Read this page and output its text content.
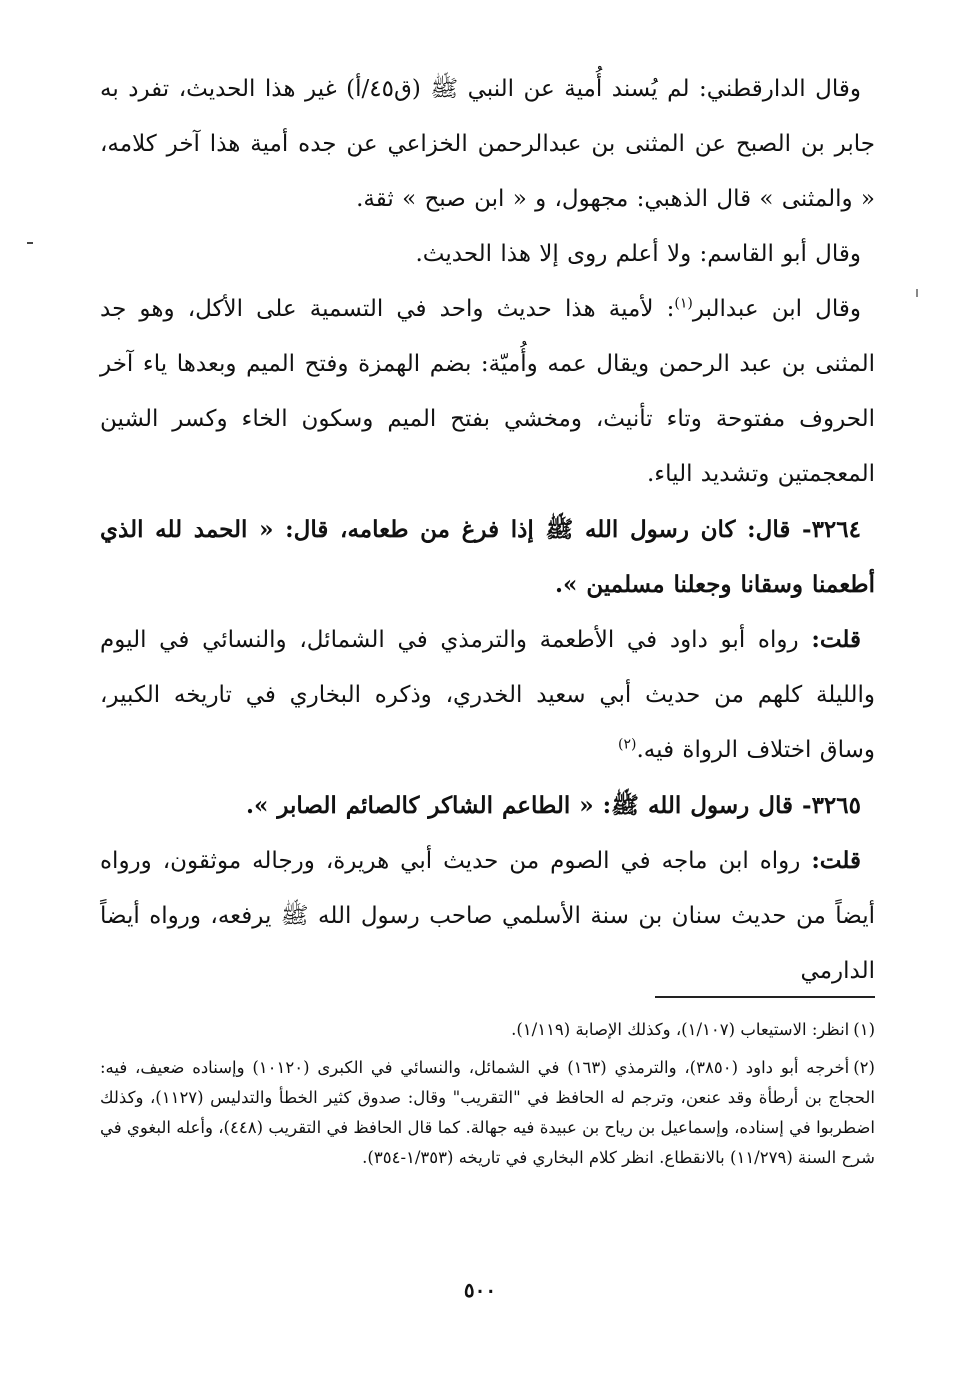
وقال الدارقطني: لم يُسند أُمية عن النبي ﷺ (ق٤٥/أ) غير هذا الحديث، تفرد به جابر بن الصبح عن المثنى بن عبدالرحمن الخزاعي عن جده أمية هذا آخر كلامه، « والمثنى » قال الذهبي: مجهول، و « ابن صبح » ثقة.

وقال أبو القاسم: ولا أعلم روى إلا هذا الحديث.

وقال ابن عبدالبر$^{(١)}$: لأمية هذا حديث واحد في التسمية على الأكل، وهو جد المثنى بن عبد الرحمن ويقال عمه وأُميّة: بضم الهمزة وفتح الميم وبعدها ياء آخر الحروف مفتوحة وتاء تأنيث، ومخشي بفتح الميم وسكون الخاء وكسر الشين المعجمتين وتشديد الياء.

٣٢٦٤- قال: كان رسول الله ﷺ إذا فرغ من طعامه، قال: « الحمد لله الذي أطعمنا وسقانا وجعلنا مسلمين ».

قلت: رواه أبو داود في الأطعمة والترمذي في الشمائل، والنسائي في اليوم والليلة كلهم من حديث أبي سعيد الخدري، وذكره البخاري في تاريخه الكبير، وساق اختلاف الرواة فيه.$^{(٢)}$

٣٢٦٥- قال رسول الله ﷺ: « الطاعم الشاكر كالصائم الصابر ».

قلت: رواه ابن ماجه في الصوم من حديث أبي هريرة، ورجاله موثقون، ورواه أيضاً من حديث سنان بن سنة الأسلمي صاحب رسول الله ﷺ يرفعه، ورواه أيضاً الدارمي

(١)انظر: الاستيعاب (١/١٠٧)، وكذلك الإصابة (١/١١٩).

(٢)أخرجه أبو داود (٣٨٥٠)، والترمذي (١٦٣) في الشمائل، والنسائي في الكبرى (١٠١٢٠) وإسناده ضعيف، فيه: الحجاج بن أرطأة وقد عنعن، وترجم له الحافظ في "التقريب" وقال: صدوق كثير الخطأ والتدليس (١١٢٧)، وكذلك اضطربوا في إسناده، وإسماعيل بن رياح بن عبيدة فيه جهالة. كما قال الحافظ في التقريب (٤٤٨)، وأعله البغوي في شرح السنة (١١/٢٧٩) بالانقطاع. انظر كلام البخاري في تاريخه (١/٣٥٣-٣٥٤).

٥٠٠
